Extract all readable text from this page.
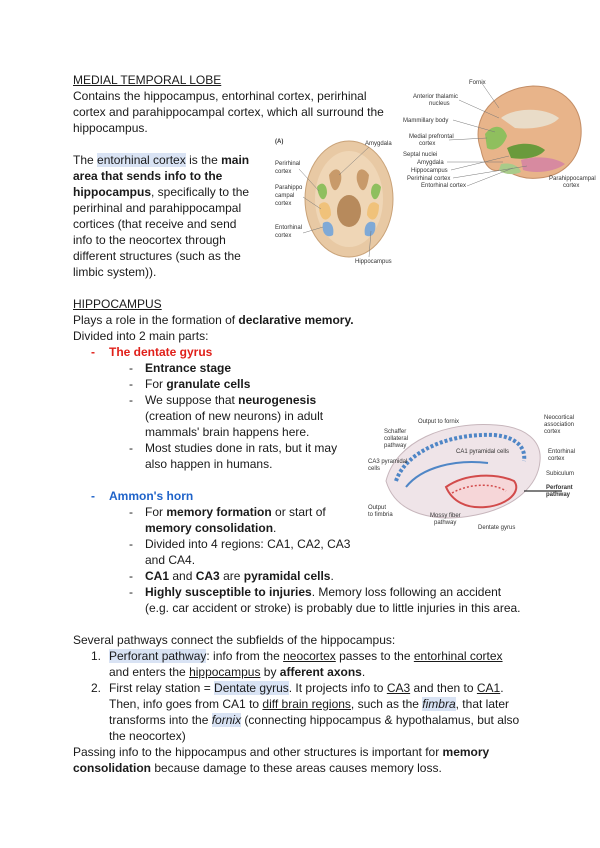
MEDIAL TEMPORAL LOBE
Contains the hippocampus, entorhinal cortex, perirhinal
cortex and parahippocampal cortex, which all surround the
hippocampus.
The entorhinal cortex is the main
area that sends info to the
hippocampus, specifically to the
perirhinal and parahippocampal
cortices (that receive and send
info to the neocortex through
different structures (such as the
limbic system)).
Fornix
Anterior thalamic
nucleus
Mammillary body
Medial prefrontal
cortex
Septal nuclei
Amygdala
Hippocampus
Perirhinal cortex
Entorhinal cortex
Parahippocampal
cortex
(A)	Amygdala
Perirhinal
cortex
Parahippo
campal
cortex
Entorhinal
cortex
Hippocampus
HIPPOCAMPUS
Plays a role in the formation of declarative memory.
Divided into 2 main parts:
- The dentate gyrus
- Entrance stage
- For granulate cells
- We suppose that neurogenesis
(creation of new neurons) in adult
mammals' brain happens here.
- Most studies done in rats, but it may
also happen in humans.
- Ammon's horn
- For memory formation or start of
memory consolidation.
- Divided into 4 regions: CA1, CA2, CA3
and CA4.
- CA1 and CA3 are pyramidal cells.
- Highly susceptible to injuries. Memory loss following an accident
(e.g. car accident or stroke) is probably due to little injuries in this area.
Schaffer
collateral
pathway
Output to fornix
CA3 pyramidal
cells
Output
to fimbria	Mossy fiber
pathway
Dentate gyrus
CA1 pyramidal cells
Neocortical
association
cortex
Entorhinal
cortex
Perforant
pathway
Subiculum
Several pathways connect the subfields of the hippocampus:
1. Perforant pathway: info from the neocortex passes to the entorhinal cortex
and enters the hippocampus by afferent axons.
2. First relay station = Dentate gyrus. It projects info to CA3 and then to CA1.
Then, info goes from CA1 to diff brain regions, such as the fimbra, that later
transforms into the fornix (connecting hippocampus & hypothalamus, but also
the neocortex)
Passing info to the hippocampus and other structures is important for memory
consolidation because damage to these areas causes memory loss.
